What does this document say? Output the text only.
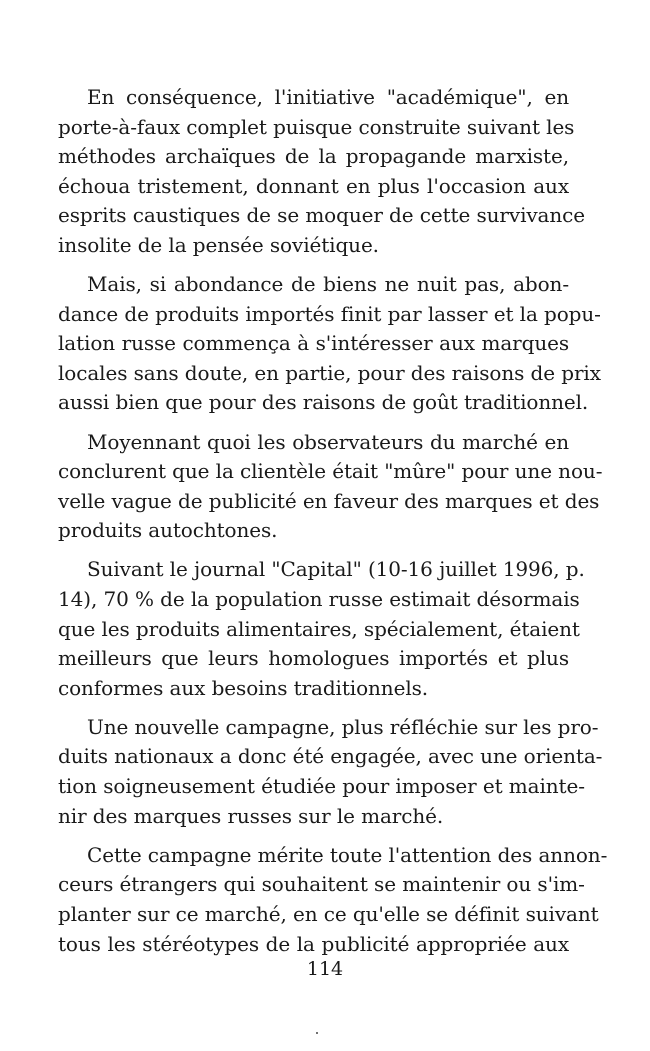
En conséquence, l'initiative "académique", en
porte-à-faux complet puisque construite suivant les
méthodes archaïques de la propagande marxiste,
échoua tristement, donnant en plus l'occasion aux
esprits caustiques de se moquer de cette survivance
insolite de la pensée soviétique.
Mais, si abondance de biens ne nuit pas, abon-
dance de produits importés finit par lasser et la popu-
lation russe commença à s'intéresser aux marques
locales sans doute, en partie, pour des raisons de prix
aussi bien que pour des raisons de goût traditionnel.
Moyennant quoi les observateurs du marché en
conclurent que la clientèle était "mûre" pour une nou-
velle vague de publicité en faveur des marques et des
produits autochtones.
Suivant le journal "Capital" (10-16 juillet 1996, p.
14), 70 % de la population russe estimait désormais
que les produits alimentaires, spécialement, étaient
meilleurs que leurs homologues importés et plus
conformes aux besoins traditionnels.
Une nouvelle campagne, plus réfléchie sur les pro-
duits nationaux a donc été engagée, avec une orienta-
tion soigneusement étudiée pour imposer et mainte-
nir des marques russes sur le marché.
Cette campagne mérite toute l'attention des annon-
ceurs étrangers qui souhaitent se maintenir ou s'im-
planter sur ce marché, en ce qu'elle se définit suivant
tous les stéréotypes de la publicité appropriée aux
114
